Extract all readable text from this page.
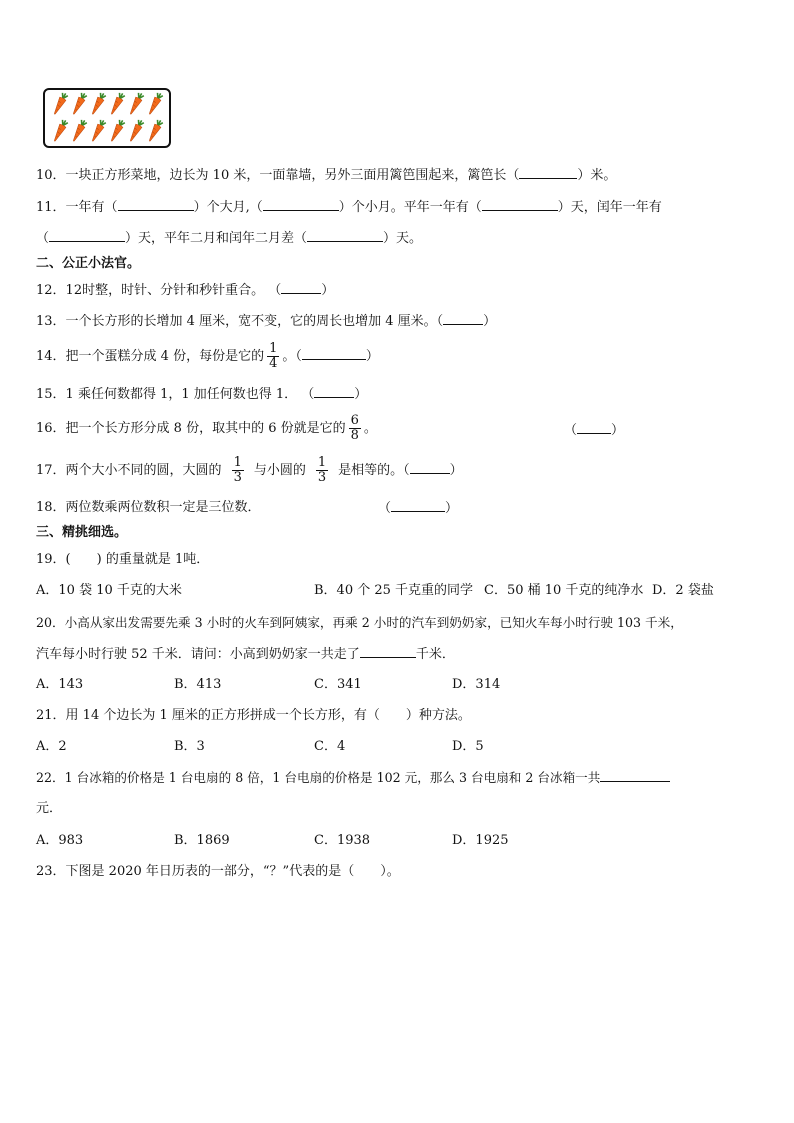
10．一块正方形菜地，边长为 10 米，一面靠墙，另外三面用篱笆围起来，篱笆长（	）米。
11．一年有（	）个大月,（	）个小月。平年一年有（	）天，闰年一年有
（	）天，平年二月和闰年二月差（	）天。
二、公正小法官。
12．12时整，时针、分针和秒针重合。 （	）
13．一个长方形的长增加 4 厘米，宽不变，它的周长也增加 4 厘米。（	）
14．把一个蛋糕分成 4 份，每份是它的 $\frac{1}{4}$ 。（	）
15．1 乘任何数都得 1，1 加任何数也得 1． （	）
16．把一个长方形分成 8 份，取其中的 6 份就是它的 $\frac{6}{8}$ 。	（	）
17．两个大小不同的圆，大圆的 $\frac{1}{3}$ 与小圆的 $\frac{1}{3}$ 是相等的。（	）
18．两位数乘两位数积一定是三位数．	（	）
三、精挑细选。
19．(　　) 的重量就是 1吨．
A．10 袋 10 千克的大米	B．40 个 25 千克重的同学 C．50 桶 10 千克的纯净水 D．2 袋盐
20．小高从家出发需要先乘 3 小时的火车到阿姨家，再乘 2 小时的汽车到奶奶家，已知火车每小时行驶 103 千米，
汽车每小时行驶 52 千米．请问：小高到奶奶家一共走了	千米．
A．143	B．413	C．341	D．314
21．用 14 个边长为 1 厘米的正方形拼成一个长方形，有（　　）种方法。
A．2	B．3	C．4	D．5
22．1 台冰箱的价格是 1 台电扇的 8 倍，1 台电扇的价格是 102 元，那么 3 台电扇和 2 台冰箱一共
元．
A．983	B．1869	C．1938	D．1925
23．下图是 2020 年日历表的一部分，“？”代表的是（　　）。
